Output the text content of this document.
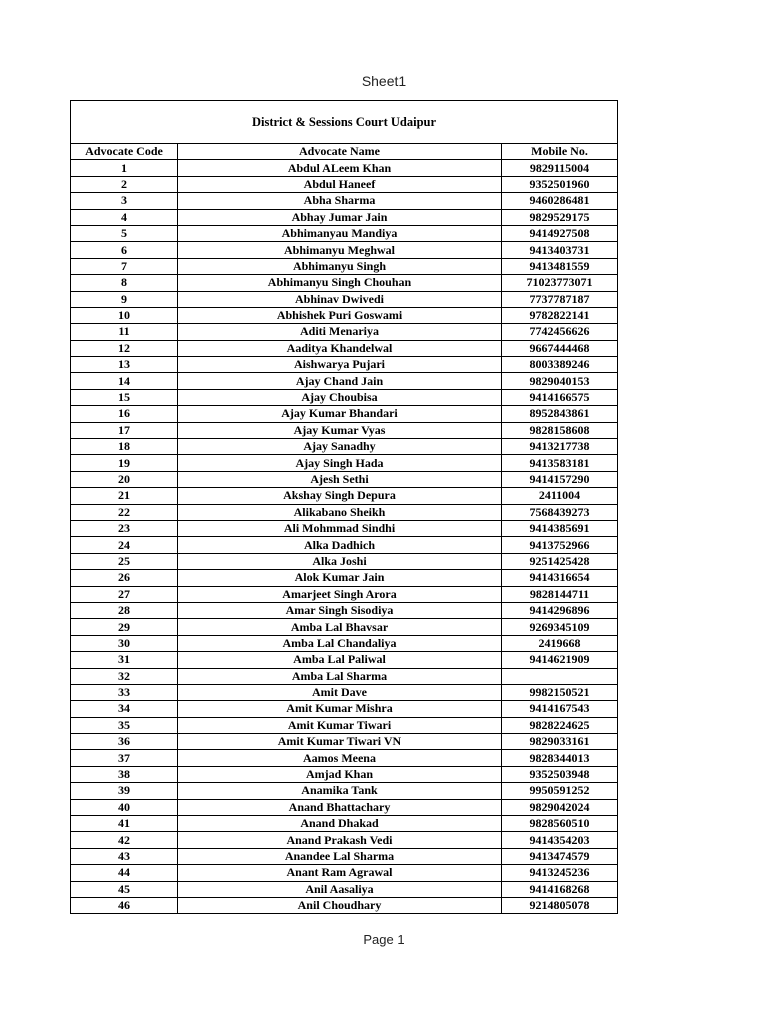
Sheet1
District & Sessions Court Udaipur		
Advocate Code	Advocate Name	Mobile No.
1	Abdul ALeem Khan	9829115004
2	Abdul Haneef	9352501960
3	Abha Sharma	9460286481
4	Abhay Jumar Jain	9829529175
5	Abhimanyau Mandiya	9414927508
6	Abhimanyu Meghwal	9413403731
7	Abhimanyu Singh	9413481559
8	Abhimanyu Singh Chouhan	71023773071
9	Abhinav Dwivedi	7737787187
10	Abhishek Puri Goswami	9782822141
11	Aditi Menariya	7742456626
12	Aaditya Khandelwal	9667444468
13	Aishwarya Pujari	8003389246
14	Ajay Chand Jain	9829040153
15	Ajay Choubisa	9414166575
16	Ajay Kumar Bhandari	8952843861
17	Ajay Kumar Vyas	9828158608
18	Ajay Sanadhy	9413217738
19	Ajay Singh Hada	9413583181
20	Ajesh Sethi	9414157290
21	Akshay Singh Depura	2411004
22	Alikabano Sheikh	7568439273
23	Ali Mohmmad Sindhi	9414385691
24	Alka Dadhich	9413752966
25	Alka Joshi	9251425428
26	Alok Kumar Jain	9414316654
27	Amarjeet Singh Arora	9828144711
28	Amar Singh Sisodiya	9414296896
29	Amba Lal Bhavsar	9269345109
30	Amba Lal Chandaliya	2419668
31	Amba Lal Paliwal	9414621909
32	Amba Lal Sharma	
33	Amit Dave	9982150521
34	Amit Kumar Mishra	9414167543
35	Amit Kumar Tiwari	9828224625
36	Amit Kumar Tiwari VN	9829033161
37	Aamos Meena	9828344013
38	Amjad Khan	9352503948
39	Anamika Tank	9950591252
40	Anand Bhattachary	9829042024
41	Anand Dhakad	9828560510
42	Anand Prakash Vedi	9414354203
43	Anandee Lal Sharma	9413474579
44	Anant Ram Agrawal	9413245236
45	Anil Aasaliya	9414168268
46	Anil Choudhary	9214805078
Page 1
